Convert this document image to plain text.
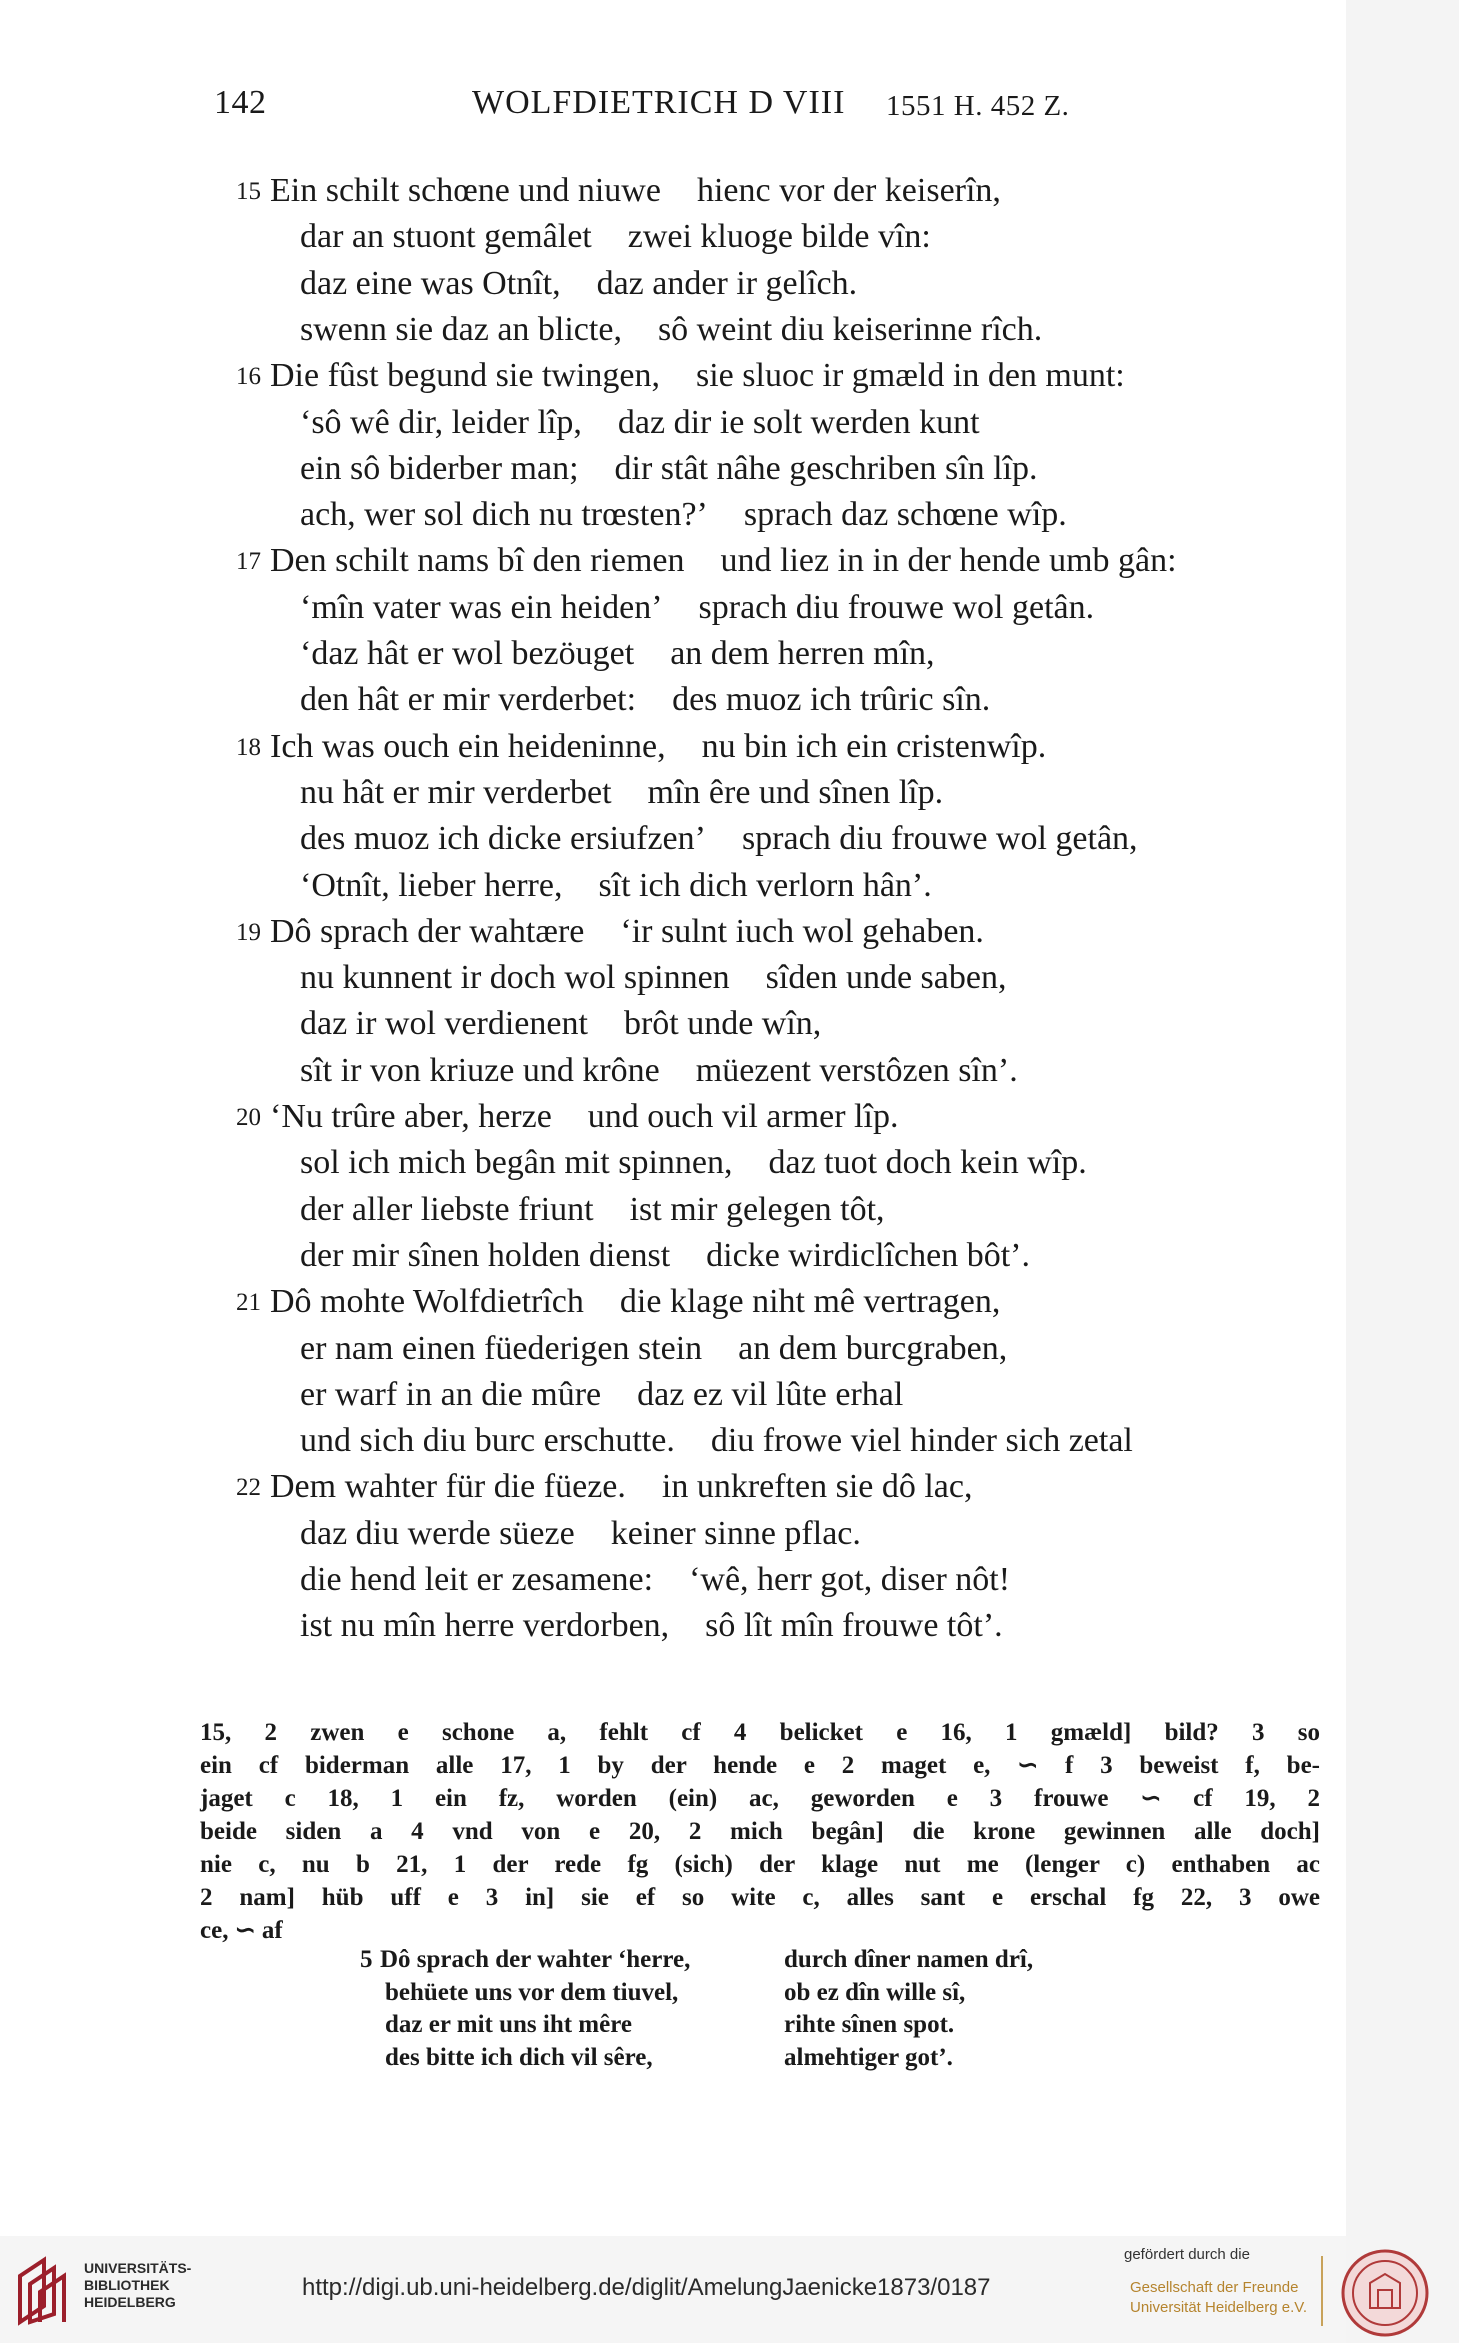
142	WOLFDIETRICH D VIII 1551 H. 452 Z.
15 Ein schilt schœne und niuwe hienc vor der keiserîn,
dar an stuont gemâlet zwei kluoge bilde vîn:
daz eine was Otnît, daz ander ir gelîch.
swenn sie daz an blicte, sô weint diu keiserinne rîch.
16 Die fûst begund sie twingen, sie sluoc ir gmæld in den munt:
‘sô wê dir, leider lîp, daz dir ie solt werden kunt
ein sô biderber man; dir stât nâhe geschriben sîn lîp.
ach, wer sol dich nu trœsten?’ sprach daz schœne wîp.
17 Den schilt nams bî den riemen und liez in in der hende umb gân:
‘mîn vater was ein heiden’ sprach diu frouwe wol getân.
‘daz hât er wol bezöuget an dem herren mîn,
den hât er mir verderbet: des muoz ich trûric sîn.
18 Ich was ouch ein heideninne, nu bin ich ein cristenwîp.
nu hât er mir verderbet mîn êre und sînen lîp.
des muoz ich dicke ersiufzen’ sprach diu frouwe wol getân,
‘Otnît, lieber herre, sît ich dich verlorn hân’.
19 Dô sprach der wahtære ‘ir sulnt iuch wol gehaben.
nu kunnent ir doch wol spinnen sîden unde saben,
daz ir wol verdienent brôt unde wîn,
sît ir von kriuze und krône müezent verstôzen sîn’.
20 ‘Nu trûre aber, herze und ouch vil armer lîp.
sol ich mich begân mit spinnen, daz tuot doch kein wîp.
der aller liebste friunt ist mir gelegen tôt,
der mir sînen holden dienst dicke wirdiclîchen bôt’.
21 Dô mohte Wolfdietrîch die klage niht mê vertragen,
er nam einen füederigen stein an dem burcgraben,
er warf in an die mûre daz ez vil lûte erhal
und sich diu burc erschutte. diu frowe viel hinder sich zetal
22 Dem wahter für die füeze. in unkreften sie dô lac,
daz diu werde süeze keiner sinne pflac.
die hend leit er zesamene: ‘wê, herr got, diser nôt!
ist nu mîn herre verdorben, sô lît mîn frouwe tôt’.

15, 2 zwen e schone a, fehlt cf 4 belicket e 16, 1 gmæld] bild? 3 so

ein cf biderman alle 17, 1 by der hende e 2 maget e, ∽ f 3 beweist f, be-

jaget c 18, 1 ein fz, worden (ein) ac, geworden e 3 frouwe ∽ cf 19, 2

beide siden a 4 vnd von e 20, 2 mich begân] die krone gewinnen alle doch]

nie c, nu b 21, 1 der rede fg (sich) der klage nut me (lenger c) enthaben ac

2 nam] hüb uff e 3 in] sie ef so wite c, alles sant e erschal fg 22, 3 owe

ce, ∽ af

5 Dô sprach der wahter ‘herre,	durch dîner namen drî,
behüete uns vor dem tiuvel,	ob ez dîn wille sî,
daz er mit uns iht mêre	rihte sînen spot.
des bitte ich dich vil sêre,	almehtiger got’.
UNIVERSITÄTS-
BIBLIOTHEK
HEIDELBERG
http://digi.ub.uni-heidelberg.de/diglit/AmelungJaenicke1873/0187
gefördert durch die
Gesellschaft der Freunde
Universität Heidelberg e.V.
